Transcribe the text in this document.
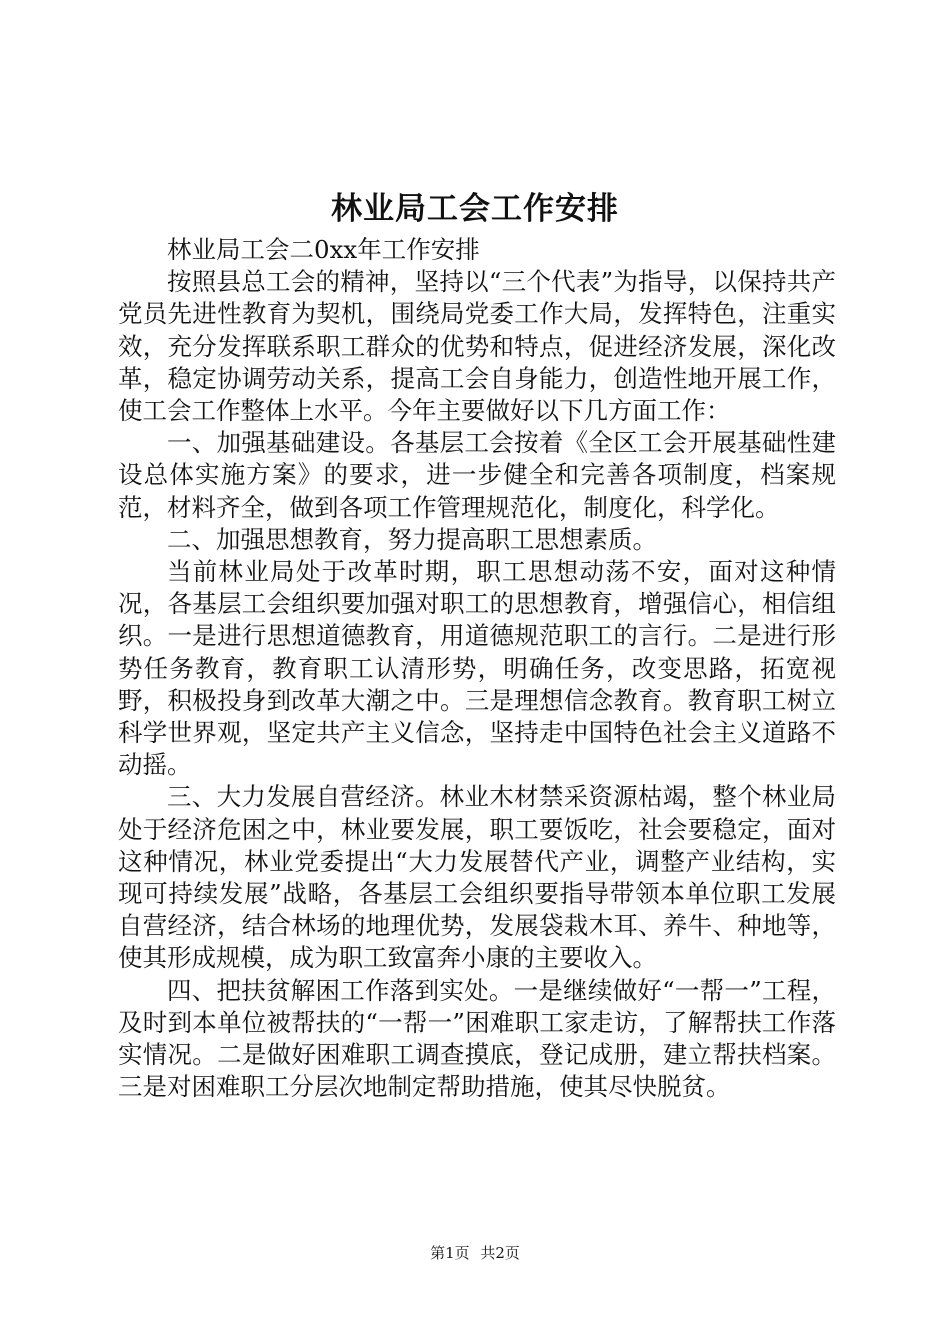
林业局工会工作安排

林业局工会二0xx年工作安排

按照县总工会的精神，坚持以“三个代表”为指导，以保持共产党员先进性教育为契机，围绕局党委工作大局，发挥特色，注重实效，充分发挥联系职工群众的优势和特点，促进经济发展，深化改革，稳定协调劳动关系，提高工会自身能力，创造性地开展工作，使工会工作整体上水平。今年主要做好以下几方面工作：

一、加强基础建设。各基层工会按着《全区工会开展基础性建设总体实施方案》的要求，进一步健全和完善各项制度，档案规范，材料齐全，做到各项工作管理规范化，制度化，科学化。

二、加强思想教育，努力提高职工思想素质。

当前林业局处于改革时期，职工思想动荡不安，面对这种情况，各基层工会组织要加强对职工的思想教育，增强信心，相信组织。一是进行思想道德教育，用道德规范职工的言行。二是进行形势任务教育，教育职工认清形势，明确任务，改变思路，拓宽视野，积极投身到改革大潮之中。三是理想信念教育。教育职工树立科学世界观，坚定共产主义信念，坚持走中国特色社会主义道路不动摇。

三、大力发展自营经济。林业木材禁采资源枯竭，整个林业局处于经济危困之中，林业要发展，职工要饭吃，社会要稳定，面对这种情况，林业党委提出“大力发展替代产业，调整产业结构，实现可持续发展”战略，各基层工会组织要指导带领本单位职工发展自营经济，结合林场的地理优势，发展袋栽木耳、养牛、种地等，使其形成规模，成为职工致富奔小康的主要收入。

四、把扶贫解困工作落到实处。一是继续做好“一帮一”工程，及时到本单位被帮扶的“一帮一”困难职工家走访，了解帮扶工作落实情况。二是做好困难职工调查摸底，登记成册，建立帮扶档案。三是对困难职工分层次地制定帮助措施，使其尽快脱贫。

第1页 共2页
